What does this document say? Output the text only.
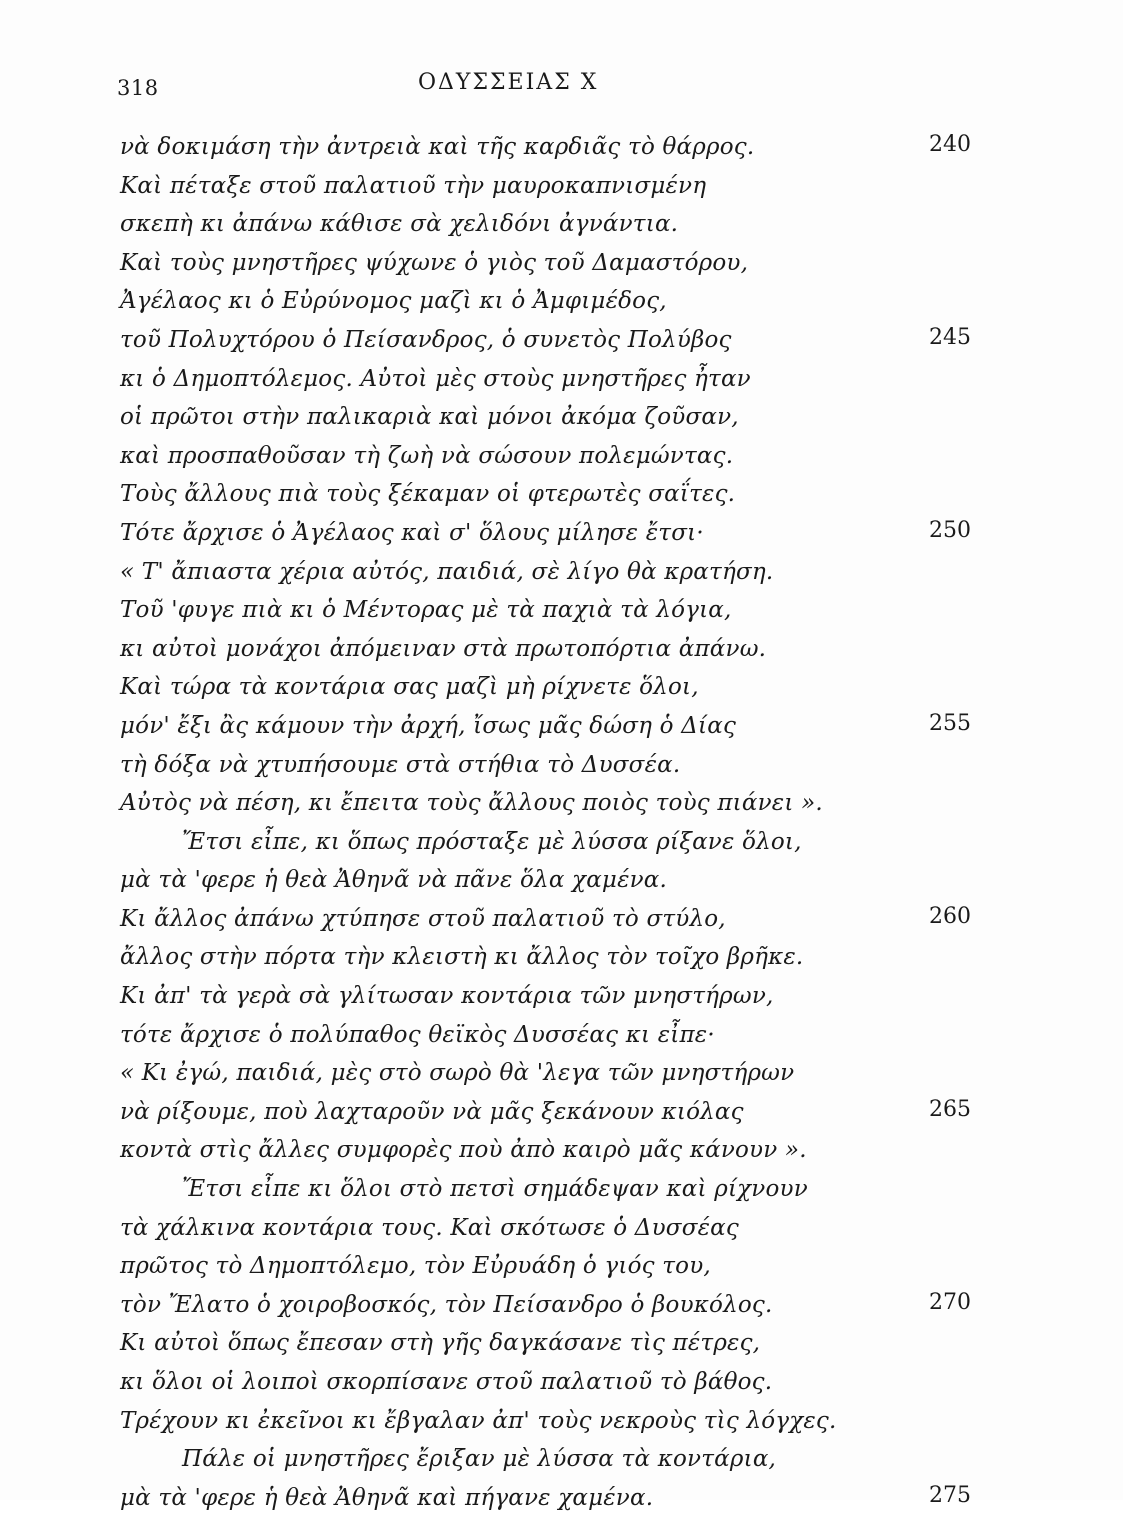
318	ΟΔΥΣΣΕΙΑΣ Χ
νὰ δοκιμάση τὴν ἀντρειὰ καὶ τῆς καρδιᾶς τὸ θάρρος.	240
Καὶ πέταξε στοῦ παλατιοῦ τὴν μαυροκαπνισμένη
σκεπὴ κι ἀπάνω κάθισε σὰ χελιδόνι ἀγνάντια.
Καὶ τοὺς μνηστῆρες ψύχωνε ὁ γιὸς τοῦ Δαμαστόρου,
Ἀγέλαος κι ὁ Εὐρύνομος μαζὶ κι ὁ Ἀμφιμέδος,
τοῦ Πολυχτόρου ὁ Πείσανδρος, ὁ συνετὸς Πολύβος	245
κι ὁ Δημοπτόλεμος. Αὐτοὶ μὲς στοὺς μνηστῆρες ἦταν
οἱ πρῶτοι στὴν παλικαριὰ καὶ μόνοι ἀκόμα ζοῦσαν,
καὶ προσπαθοῦσαν τὴ ζωὴ νὰ σώσουν πολεμώντας.
Τοὺς ἄλλους πιὰ τοὺς ξέκαμαν οἱ φτερωτὲς σαΐτες.
Τότε ἄρχισε ὁ Ἀγέλαος καὶ σ' ὅλους μίλησε ἔτσι·	250
« Τ' ἄπιαστα χέρια αὐτός, παιδιά, σὲ λίγο θὰ κρατήση.
Τοῦ 'φυγε πιὰ κι ὁ Μέντορας μὲ τὰ παχιὰ τὰ λόγια,
κι αὐτοὶ μονάχοι ἀπόμειναν στὰ πρωτοπόρτια ἀπάνω.
Καὶ τώρα τὰ κοντάρια σας μαζὶ μὴ ρίχνετε ὅλοι,
μόν' ἔξι ἂς κάμουν τὴν ἀρχή, ἴσως μᾶς δώση ὁ Δίας	255
τὴ δόξα νὰ χτυπήσουμε στὰ στήθια τὸ Δυσσέα.
Αὐτὸς νὰ πέση, κι ἔπειτα τοὺς ἄλλους ποιὸς τοὺς πιάνει ».
Ἔτσι εἶπε, κι ὅπως πρόσταξε μὲ λύσσα ρίξανε ὅλοι,
μὰ τὰ 'φερε ἡ θεὰ Ἀθηνᾶ νὰ πᾶνε ὅλα χαμένα.
Κι ἄλλος ἀπάνω χτύπησε στοῦ παλατιοῦ τὸ στύλο,	260
ἄλλος στὴν πόρτα τὴν κλειστὴ κι ἄλλος τὸν τοῖχο βρῆκε.
Κι ἀπ' τὰ γερὰ σὰ γλίτωσαν κοντάρια τῶν μνηστήρων,
τότε ἄρχισε ὁ πολύπαθος θεϊκὸς Δυσσέας κι εἶπε·
« Κι ἐγώ, παιδιά, μὲς στὸ σωρὸ θὰ 'λεγα τῶν μνηστήρων
νὰ ρίξουμε, ποὺ λαχταροῦν νὰ μᾶς ξεκάνουν κιόλας	265
κοντὰ στὶς ἄλλες συμφορὲς ποὺ ἀπὸ καιρὸ μᾶς κάνουν ».
Ἔτσι εἶπε κι ὅλοι στὸ πετσὶ σημάδεψαν καὶ ρίχνουν
τὰ χάλκινα κοντάρια τους. Καὶ σκότωσε ὁ Δυσσέας
πρῶτος τὸ Δημοπτόλεμο, τὸν Εὐρυάδη ὁ γιός του,
τὸν Ἔλατο ὁ χοιροβοσκός, τὸν Πείσανδρο ὁ βουκόλος.	270
Κι αὐτοὶ ὅπως ἔπεσαν στὴ γῆς δαγκάσανε τὶς πέτρες,
κι ὅλοι οἱ λοιποὶ σκορπίσανε στοῦ παλατιοῦ τὸ βάθος.
Τρέχουν κι ἐκεῖνοι κι ἔβγαλαν ἀπ' τοὺς νεκροὺς τὶς λόγχες.
Πάλε οἱ μνηστῆρες ἔριξαν μὲ λύσσα τὰ κοντάρια,
μὰ τὰ 'φερε ἡ θεὰ Ἀθηνᾶ καὶ πήγανε χαμένα.	275
